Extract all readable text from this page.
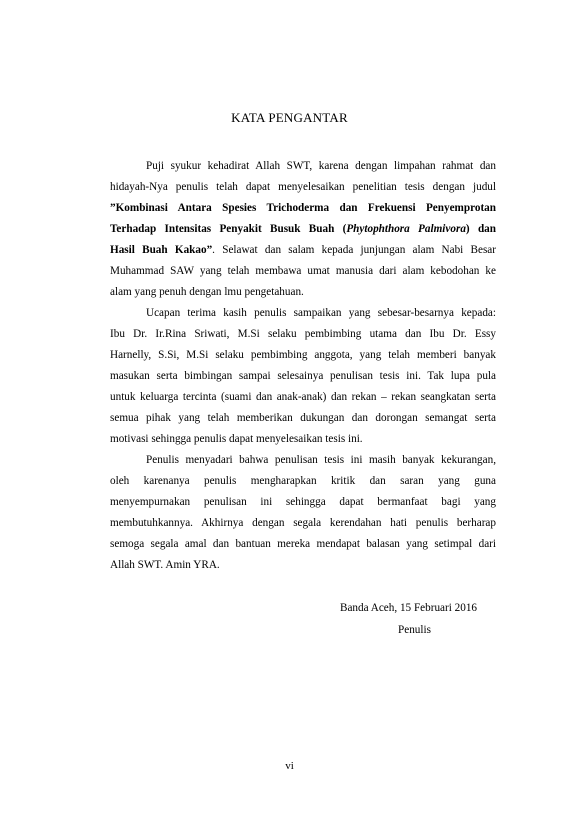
KATA PENGANTAR
Puji syukur kehadirat Allah SWT, karena dengan limpahan rahmat dan
hidayah-Nya penulis telah dapat menyelesaikan penelitian tesis dengan judul
”Kombinasi Antara Spesies Trichoderma dan Frekuensi Penyemprotan
Terhadap Intensitas Penyakit Busuk Buah (Phytophthora Palmivora) dan
Hasil Buah Kakao”. Selawat dan salam kepada junjungan alam Nabi Besar
Muhammad SAW yang telah membawa umat manusia dari alam kebodohan ke
alam yang penuh dengan lmu pengetahuan.
Ucapan terima kasih penulis sampaikan yang sebesar-besarnya kepada:
Ibu Dr. Ir.Rina Sriwati, M.Si selaku pembimbing utama dan Ibu Dr. Essy
Harnelly, S.Si, M.Si selaku pembimbing anggota, yang telah memberi banyak
masukan serta bimbingan sampai selesainya penulisan tesis ini. Tak lupa pula
untuk keluarga tercinta (suami dan anak-anak) dan rekan – rekan seangkatan serta
semua pihak yang telah memberikan dukungan dan dorongan semangat serta
motivasi sehingga penulis dapat menyelesaikan tesis ini.
Penulis menyadari bahwa penulisan tesis ini masih banyak kekurangan,
oleh karenanya penulis mengharapkan kritik dan saran yang guna
menyempurnakan penulisan ini sehingga dapat bermanfaat bagi yang
membutuhkannya. Akhirnya dengan segala kerendahan hati penulis berharap
semoga segala amal dan bantuan mereka mendapat balasan yang setimpal dari
Allah SWT. Amin YRA.
Banda Aceh, 15 Februari 2016
Penulis
vi
